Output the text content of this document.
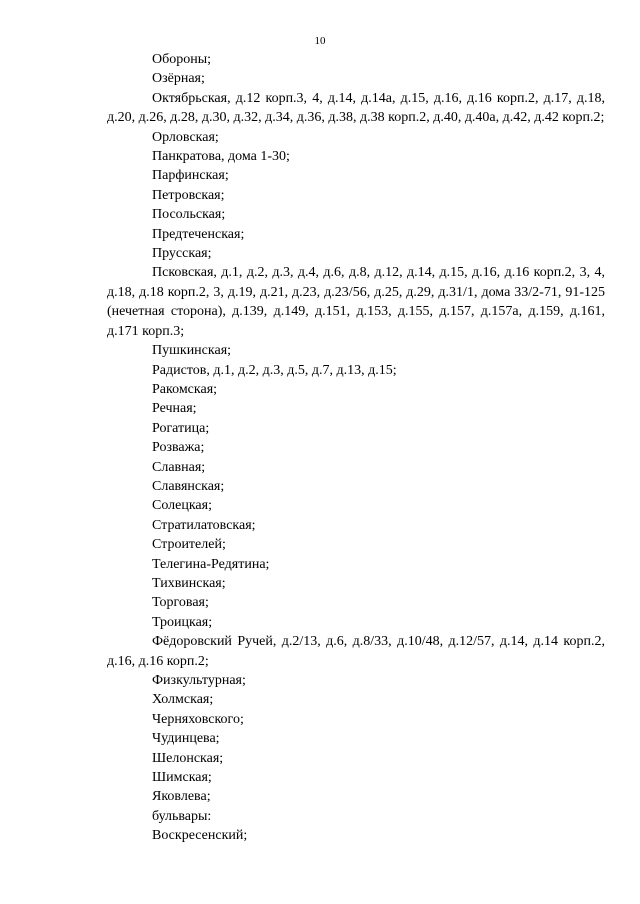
10

Обороны;

Озёрная;

Октябрьская, д.12 корп.3, 4, д.14, д.14а, д.15, д.16, д.16 корп.2, д.17, д.18, д.20, д.26, д.28, д.30, д.32, д.34, д.36, д.38, д.38 корп.2, д.40, д.40а, д.42, д.42 корп.2;

Орловская;

Панкратова, дома 1-30;

Парфинская;

Петровская;

Посольская;

Предтеченская;

Прусская;

Псковская, д.1, д.2, д.3, д.4, д.6, д.8, д.12, д.14, д.15, д.16, д.16 корп.2, 3, 4, д.18, д.18 корп.2, 3, д.19, д.21, д.23, д.23/56, д.25, д.29, д.31/1, дома 33/2-71, 91-125 (нечетная сторона), д.139, д.149, д.151, д.153, д.155, д.157, д.157а, д.159, д.161, д.171 корп.3;

Пушкинская;

Радистов, д.1, д.2, д.3, д.5, д.7, д.13, д.15;

Ракомская;

Речная;

Рогатица;

Розважа;

Славная;

Славянская;

Солецкая;

Стратилатовская;

Строителей;

Телегина-Редятина;

Тихвинская;

Торговая;

Троицкая;

Фёдоровский Ручей, д.2/13, д.6, д.8/33, д.10/48, д.12/57, д.14, д.14 корп.2, д.16, д.16 корп.2;

Физкультурная;

Холмская;

Черняховского;

Чудинцева;

Шелонская;

Шимская;

Яковлева;

бульвары:

Воскресенский;
